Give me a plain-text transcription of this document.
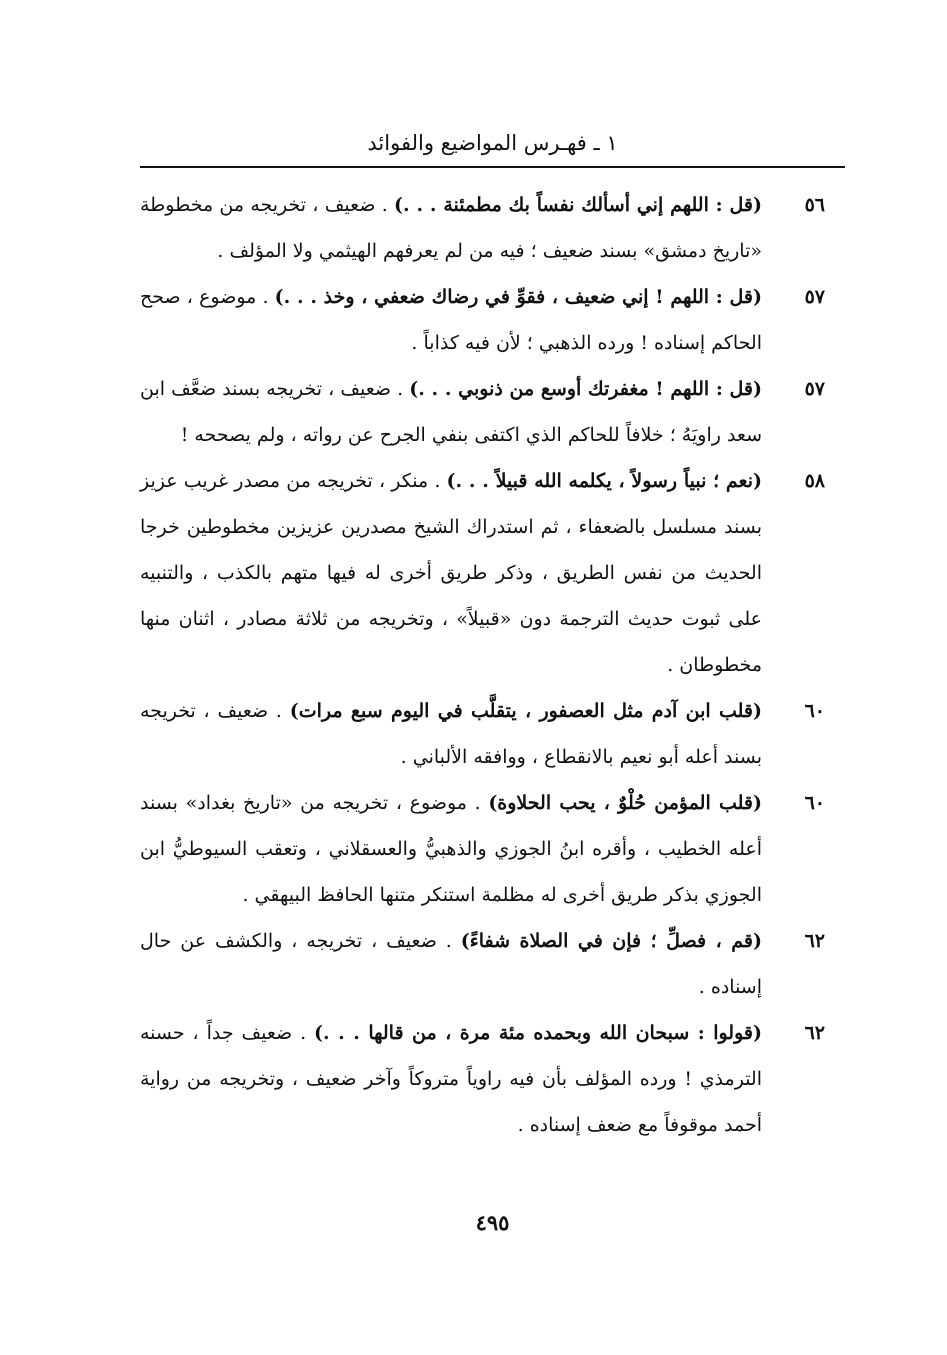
١ ـ فهـرس المواضيع والفوائد
٥٦
(قل : اللهم إني أسألك نفساً بك مطمئنة . . .) . ضعيف ، تخريجه من مخطوطة «تاريخ دمشق» بسند ضعيف ؛ فيه من لم يعرفهم الهيثمي ولا المؤلف .
٥٧
(قل : اللهم ! إني ضعيف ، فقوِّ في رضاك ضعفي ، وخذ . . .) . موضوع ، صحح الحاكم إسناده ! ورده الذهبي ؛ لأن فيه كذاباً .
٥٧
(قل : اللهم ! مغفرتك أوسع من ذنوبي . . .) . ضعيف ، تخريجه بسند ضعَّف ابن سعد راويَهُ ؛ خلافاً للحاكم الذي اكتفى بنفي الجرح عن رواته ، ولم يصححه !
٥٨
(نعم ؛ نبياً رسولاً ، يكلمه الله قبيلاً . . .) . منكر ، تخريجه من مصدر غريب عزيز بسند مسلسل بالضعفاء ، ثم استدراك الشيخ مصدرين عزيزين مخطوطين خرجا الحديث من نفس الطريق ، وذكر طريق أخرى له فيها متهم بالكذب ، والتنبيه على ثبوت حديث الترجمة دون «قبيلاً» ، وتخريجه من ثلاثة مصادر ، اثنان منها مخطوطان .
٦٠
(قلب ابن آدم مثل العصفور ، يتقلَّب في اليوم سبع مرات) . ضعيف ، تخريجه بسند أعله أبو نعيم بالانقطاع ، ووافقه الألباني .
٦٠
(قلب المؤمن حُلْوٌ ، يحب الحلاوة) . موضوع ، تخريجه من «تاريخ بغداد» بسند أعله الخطيب ، وأقره ابنُ الجوزي والذهبيُّ والعسقلاني ، وتعقب السيوطيُّ ابن الجوزي بذكر طريق أخرى له مظلمة استنكر متنها الحافظ البيهقي .
٦٢
(قم ، فصلِّ ؛ فإن في الصلاة شفاءً) . ضعيف ، تخريجه ، والكشف عن حال إسناده .
٦٢
(قولوا : سبحان الله وبحمده مئة مرة ، من قالها . . .) . ضعيف جداً ، حسنه الترمذي ! ورده المؤلف بأن فيه راوياً متروكاً وآخر ضعيف ، وتخريجه من رواية أحمد موقوفاً مع ضعف إسناده .
٤٩٥
